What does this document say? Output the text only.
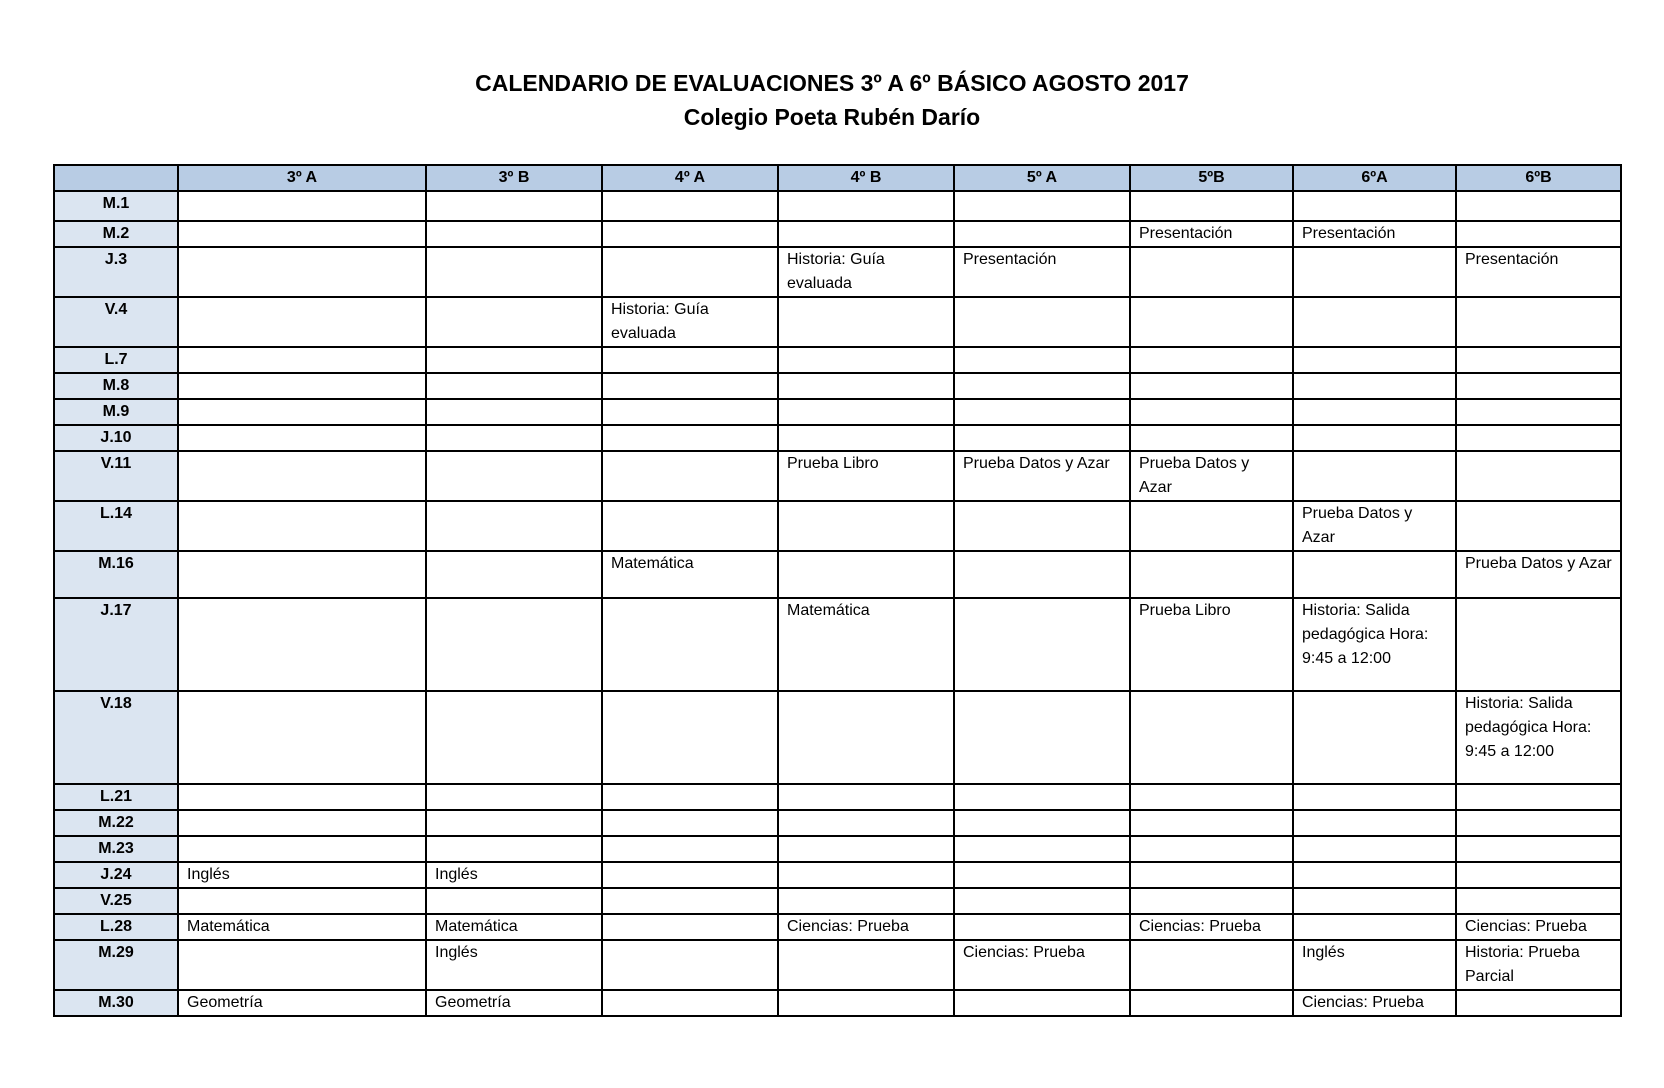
CALENDARIO DE EVALUACIONES 3º A 6º BÁSICO AGOSTO 2017
Colegio Poeta Rubén Darío
	3º A	3º B	4º A	4º B	5º A	5ºB	6ºA	6ºB
M.1								
M.2						Presentación	Presentación	
J.3				Historia: Guía evaluada	Presentación			Presentación
V.4			Historia: Guía evaluada					
L.7								
M.8								
M.9								
J.10								
V.11				Prueba Libro	Prueba Datos y Azar	Prueba Datos y Azar		
L.14							Prueba Datos y Azar	
M.16			Matemática					Prueba Datos y Azar
J.17				Matemática		Prueba Libro	Historia: Salida pedagógica Hora: 9:45 a 12:00	
V.18								Historia: Salida pedagógica Hora: 9:45 a 12:00
L.21								
M.22								
M.23								
J.24	Inglés	Inglés						
V.25								
L.28	Matemática	Matemática		Ciencias: Prueba		Ciencias: Prueba		Ciencias: Prueba
M.29		Inglés			Ciencias: Prueba		Inglés	Historia: Prueba Parcial
M.30	Geometría	Geometría					Ciencias: Prueba	
